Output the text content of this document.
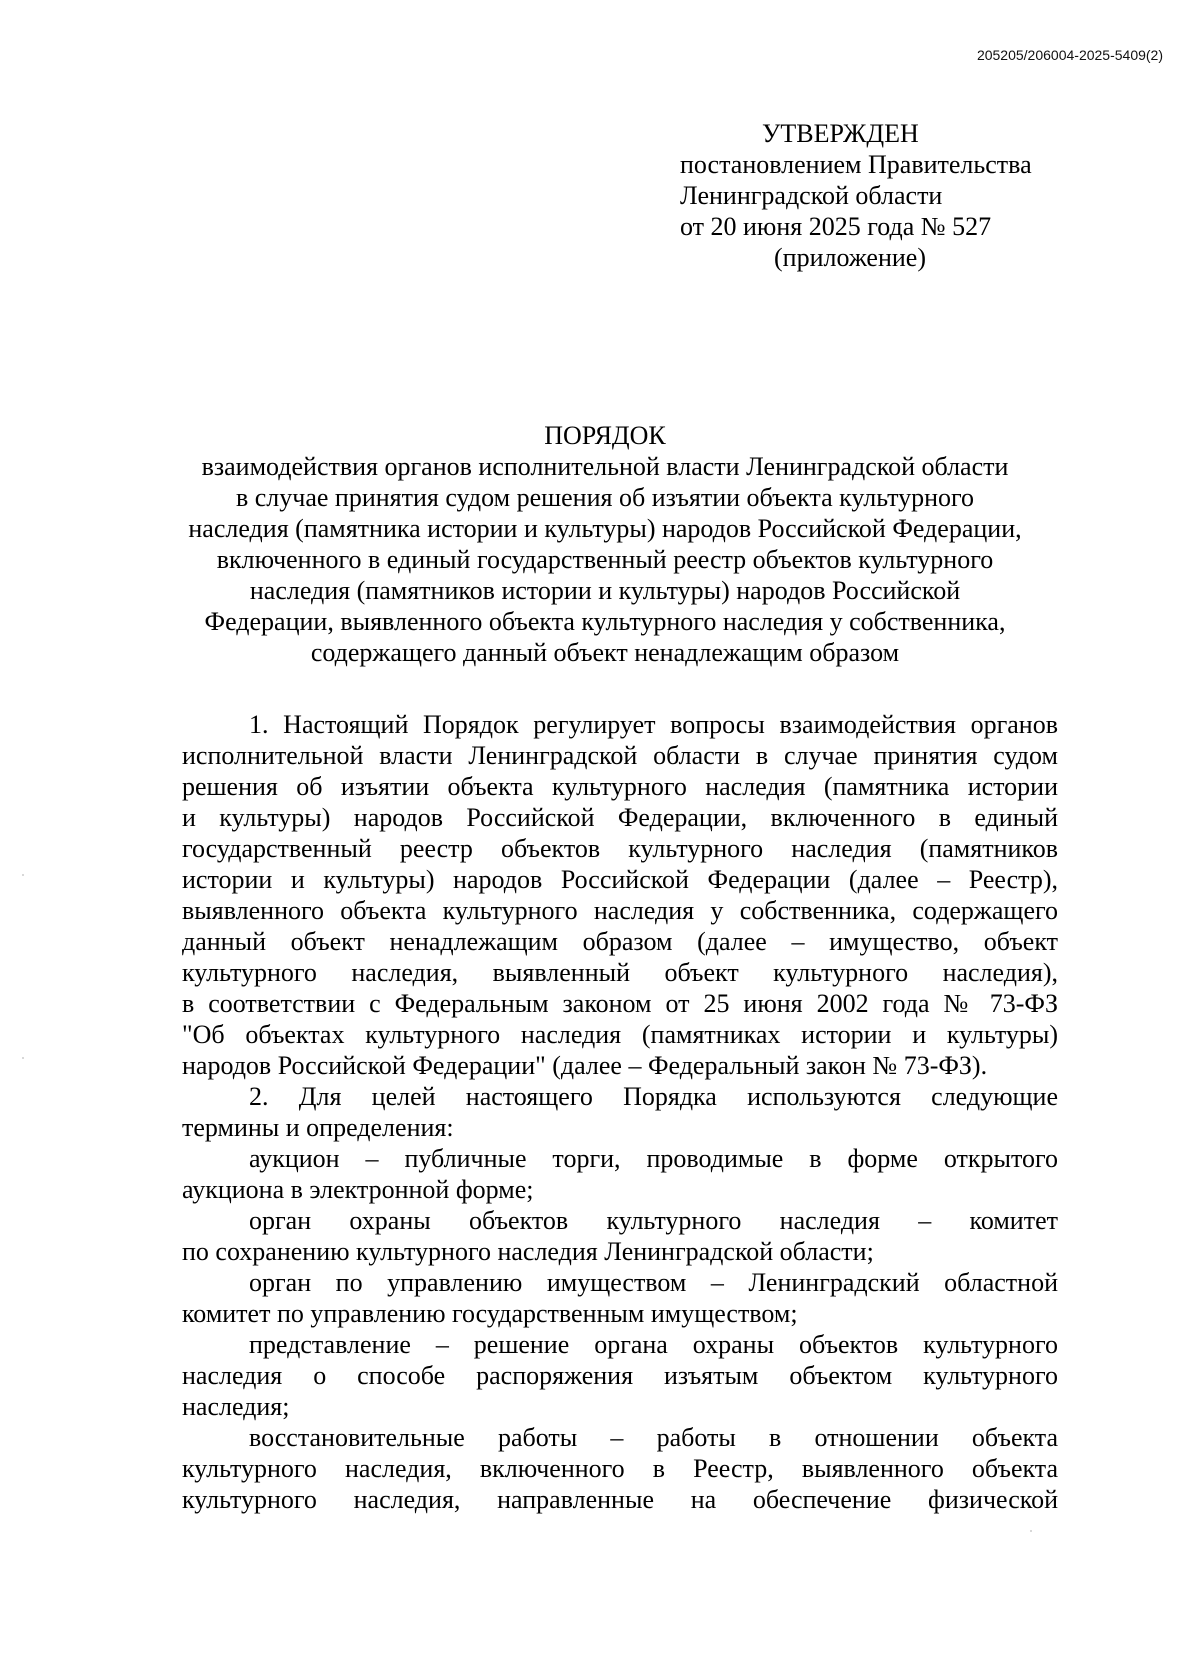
205205/206004-2025-5409(2)
УТВЕРЖДЕН
постановлением Правительства
Ленинградской области
от 20 июня 2025 года № 527
(приложение)
ПОРЯДОК
взаимодействия органов исполнительной власти Ленинградской области
в случае принятия судом решения об изъятии объекта культурного
наследия (памятника истории и культуры) народов Российской Федерации,
включенного в единый государственный реестр объектов культурного
наследия (памятников истории и культуры) народов Российской
Федерации, выявленного объекта культурного наследия у собственника,
содержащего данный объект ненадлежащим образом
1. Настоящий Порядок регулирует вопросы взаимодействия органов
исполнительной власти Ленинградской области в случае принятия судом
решения об изъятии объекта культурного наследия (памятника истории
и культуры) народов Российской Федерации, включенного в единый
государственный реестр объектов культурного наследия (памятников
истории и культуры) народов Российской Федерации (далее – Реестр),
выявленного объекта культурного наследия у собственника, содержащего
данный объект ненадлежащим образом (далее – имущество, объект
культурного наследия, выявленный объект культурного наследия),
в соответствии с Федеральным законом от 25 июня 2002 года № 73-ФЗ
"Об объектах культурного наследия (памятниках истории и культуры)
народов Российской Федерации" (далее – Федеральный закон № 73-ФЗ).
2. Для целей настоящего Порядка используются следующие
термины и определения:
аукцион – публичные торги, проводимые в форме открытого
аукциона в электронной форме;
орган охраны объектов культурного наследия – комитет
по сохранению культурного наследия Ленинградской области;
орган по управлению имуществом – Ленинградский областной
комитет по управлению государственным имуществом;
представление – решение органа охраны объектов культурного
наследия о способе распоряжения изъятым объектом культурного
наследия;
восстановительные работы – работы в отношении объекта
культурного наследия, включенного в Реестр, выявленного объекта
культурного наследия, направленные на обеспечение физической
